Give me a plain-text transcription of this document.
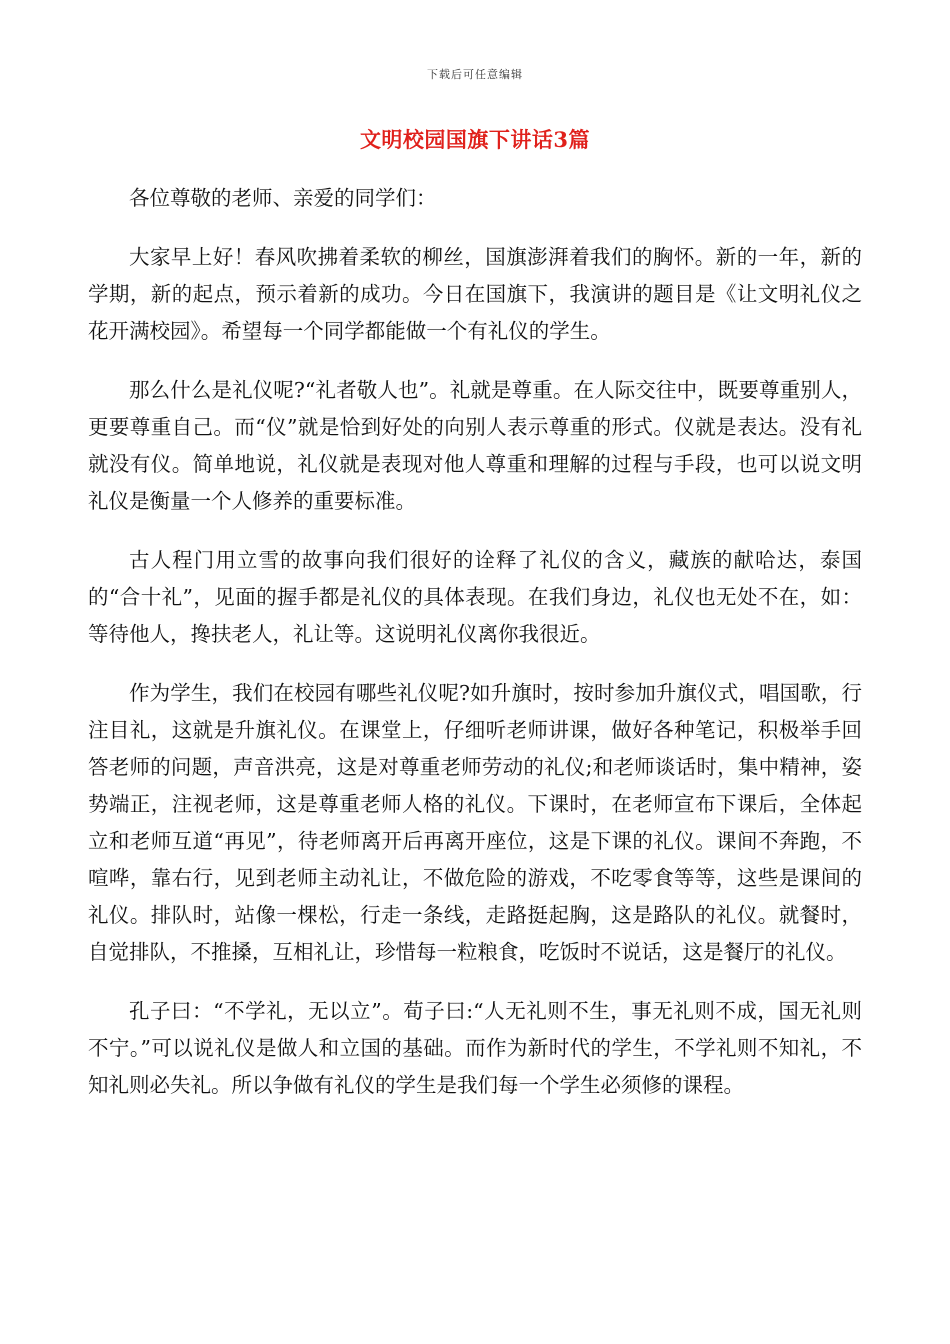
下载后可任意编辑
文明校园国旗下讲话3篇

各位尊敬的老师、亲爱的同学们：

大家早上好！春风吹拂着柔软的柳丝，国旗澎湃着我们的胸怀。新的一年，新的学期，新的起点，预示着新的成功。今日在国旗下，我演讲的题目是《让文明礼仪之花开满校园》。希望每一个同学都能做一个有礼仪的学生。

那么什么是礼仪呢?“礼者敬人也”。礼就是尊重。在人际交往中，既要尊重别人，更要尊重自己。而“仪”就是恰到好处的向别人表示尊重的形式。仪就是表达。没有礼就没有仪。简单地说，礼仪就是表现对他人尊重和理解的过程与手段，也可以说文明礼仪是衡量一个人修养的重要标准。

古人程门用立雪的故事向我们很好的诠释了礼仪的含义，藏族的献哈达，泰国的“合十礼”，见面的握手都是礼仪的具体表现。在我们身边，礼仪也无处不在，如：等待他人，搀扶老人，礼让等。这说明礼仪离你我很近。

作为学生，我们在校园有哪些礼仪呢?如升旗时，按时参加升旗仪式，唱国歌，行注目礼，这就是升旗礼仪。在课堂上，仔细听老师讲课，做好各种笔记，积极举手回答老师的问题，声音洪亮，这是对尊重老师劳动的礼仪;和老师谈话时，集中精神，姿势端正，注视老师，这是尊重老师人格的礼仪。下课时，在老师宣布下课后，全体起立和老师互道“再见”，待老师离开后再离开座位，这是下课的礼仪。课间不奔跑，不喧哗，靠右行，见到老师主动礼让，不做危险的游戏，不吃零食等等，这些是课间的礼仪。排队时，站像一棵松，行走一条线，走路挺起胸，这是路队的礼仪。就餐时，自觉排队，不推搡，互相礼让，珍惜每一粒粮食，吃饭时不说话，这是餐厅的礼仪。

孔子曰：“不学礼，无以立”。荀子曰:“人无礼则不生，事无礼则不成，国无礼则不宁。”可以说礼仪是做人和立国的基础。而作为新时代的学生，不学礼则不知礼，不知礼则必失礼。所以争做有礼仪的学生是我们每一个学生必须修的课程。
